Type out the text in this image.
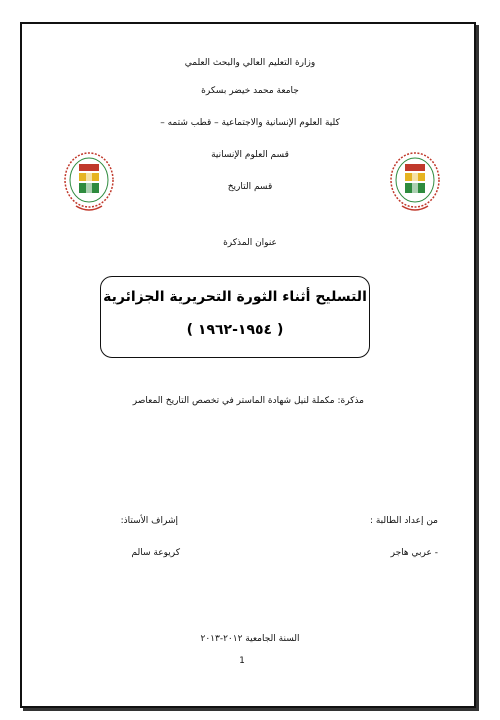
وزارة التعليم العالي والبحث العلمي
جامعة محمد خيضر بسكرة
كلية العلوم الإنسانية والاجتماعية – قطب شتمه –
قسم العلوم الإنسانية
قسم التاريخ
عنوان المذكرة
التسليح أثناء الثورة التحريرية الجزائرية
( ١٩٥٤-١٩٦٢ )
مذكرة: مكملة لنيل شهادة الماستر في تخصص التاريخ المعاصر
من إعداد الطالبة :
إشراف الأستاذ:
- عربي هاجر
كريوعة سالم
السنة الجامعية ٢٠١٢-٢٠١٣
1
